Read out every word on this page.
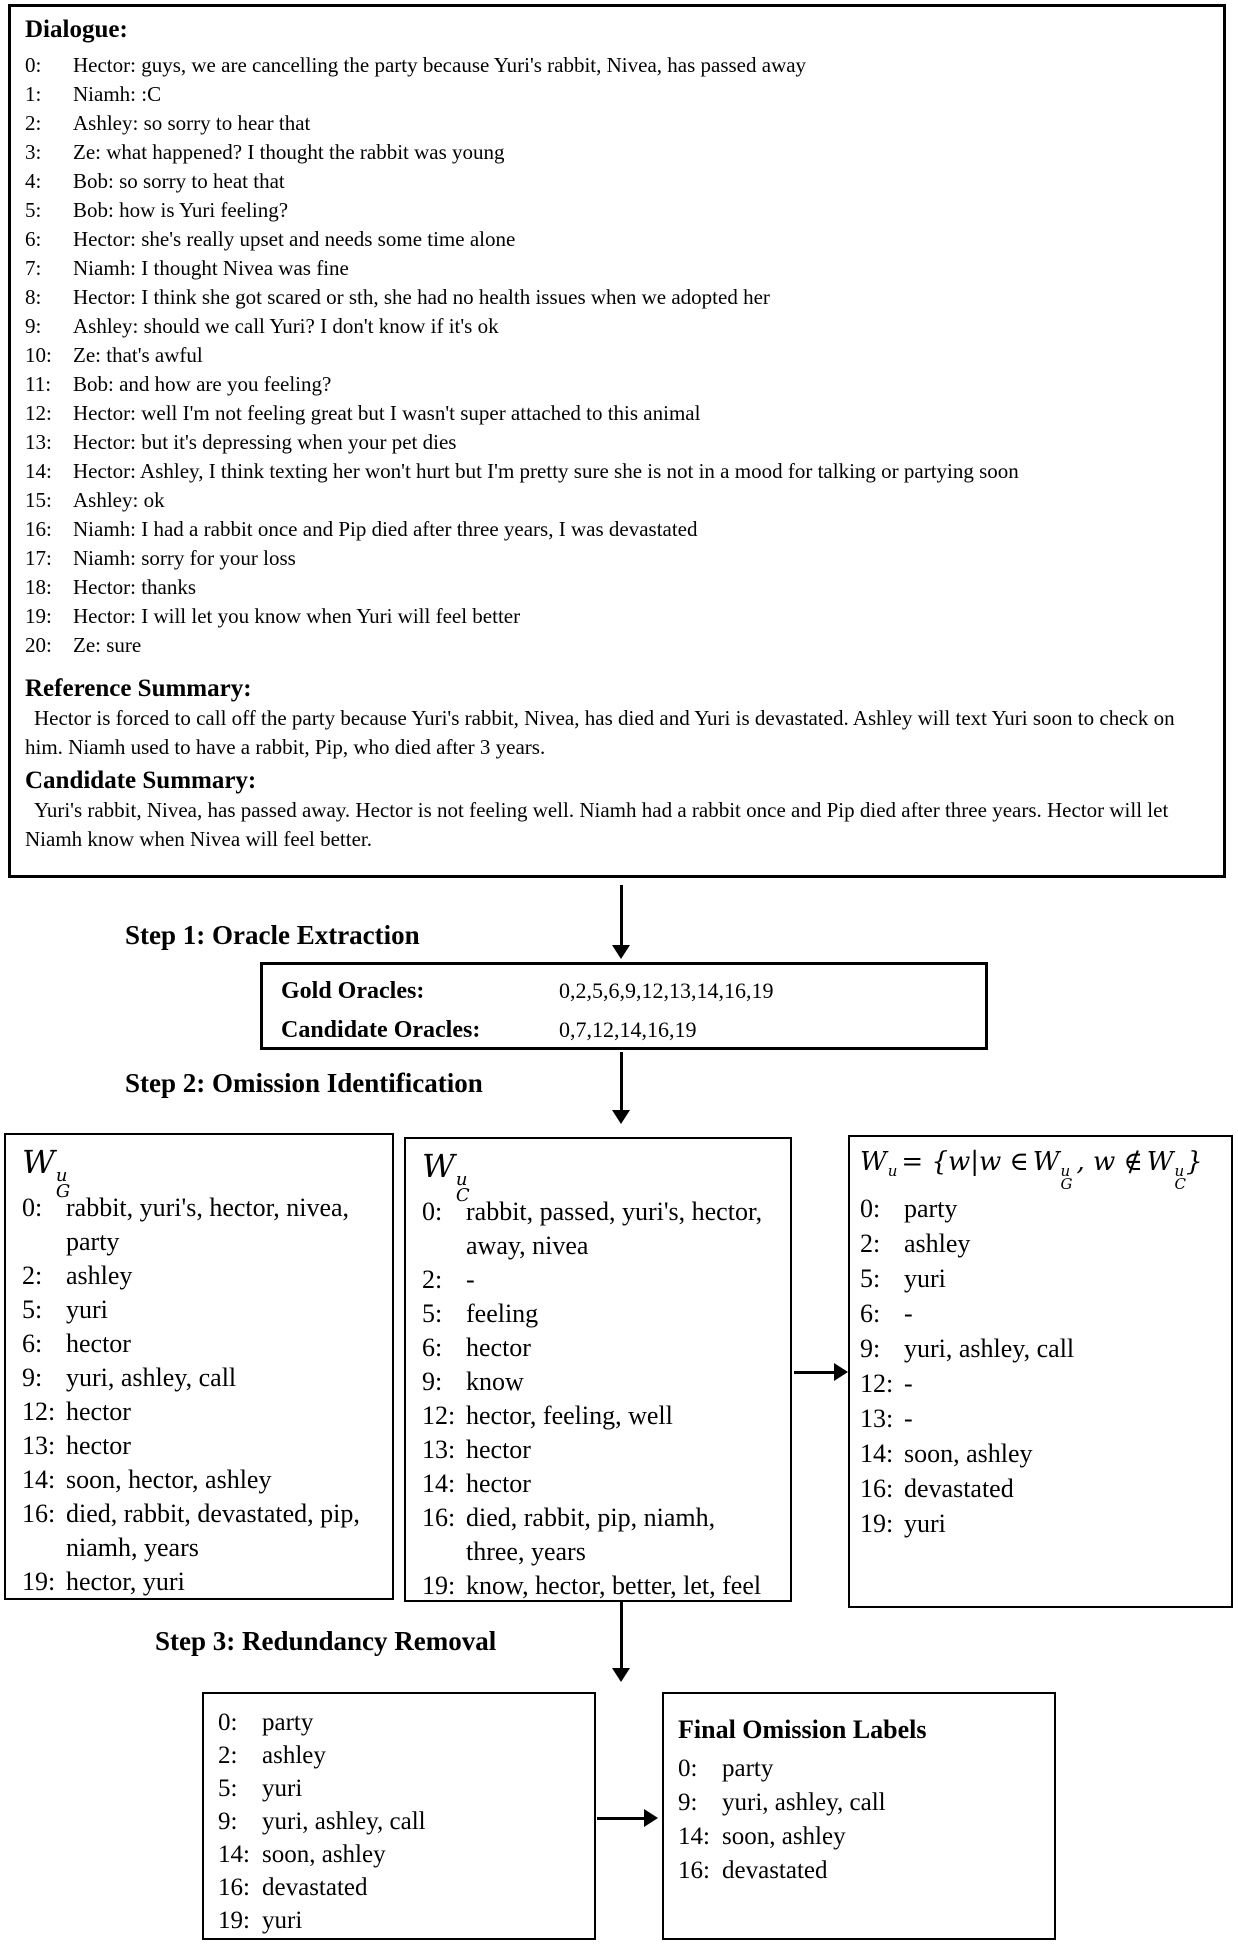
Dialogue:
0:	Hector: guys, we are cancelling the party because Yuri's rabbit, Nivea, has passed away
1:	Niamh: :C
2:	Ashley: so sorry to hear that
3:	Ze: what happened? I thought the rabbit was young
4:	Bob: so sorry to heat that
5:	Bob: how is Yuri feeling?
6:	Hector: she's really upset and needs some time alone
7:	Niamh: I thought Nivea was fine
8:	Hector: I think she got scared or sth, she had no health issues when we adopted her
9:	Ashley: should we call Yuri? I don't know if it's ok
10:	Ze: that's awful
11:	Bob: and how are you feeling?
12:	Hector: well I'm not feeling great but I wasn't super attached to this animal
13:	Hector: but it's depressing when your pet dies
14:	Hector: Ashley, I think texting her won't hurt but I'm pretty sure she is not in a mood for talking or partying soon
15:	Ashley: ok
16:	Niamh: I had a rabbit once and Pip died after three years, I was devastated
17:	Niamh: sorry for your loss
18:	Hector: thanks
19:	Hector: I will let you know when Yuri will feel better
20:	Ze: sure
Reference Summary:

Hector is forced to call off the party because Yuri's rabbit, Nivea, has died and Yuri is devastated. Ashley will text Yuri soon to check on him. Niamh used to have a rabbit, Pip, who died after 3 years.

Candidate Summary:

Yuri's rabbit, Nivea, has passed away. Hector is not feeling well. Niamh had a rabbit once and Pip died after three years. Hector will let Niamh know when Nivea will feel better.

Step 1: Oracle Extraction
Step 2: Omission Identification
Step 3: Redundancy Removal
Gold Oracles:	0,2,5,6,9,12,13,14,16,19
Candidate Oracles:	0,7,12,14,16,19
W u
G
0: rabbit, yuri's, hector, nivea, party
2: ashley
5: yuri
6: hector
9: yuri, ashley, call
12: hector
13: hector
14: soon, hector, ashley
16: died, rabbit, devastated, pip, niamh, years
19: hector, yuri
W u
C
0: rabbit, passed, yuri's, hector, away, nivea
2: -
5: feeling
6: hector
9: know
12: hector, feeling, well
13: hector
14: hector
16: died, rabbit, pip, niamh, three, years
19: know, hector, better, let, feel
W u = {w|w ∈ W u
G
, w ∉ W u
C
}
0: party
2: ashley
5: yuri
6: -
9: yuri, ashley, call
12: -
13: -
14: soon, ashley
16: devastated
19: yuri
0: party
2: ashley
5: yuri
9: yuri, ashley, call
14: soon, ashley
16: devastated
19: yuri
Final Omission Labels
0: party
9: yuri, ashley, call
14: soon, ashley
16: devastated
